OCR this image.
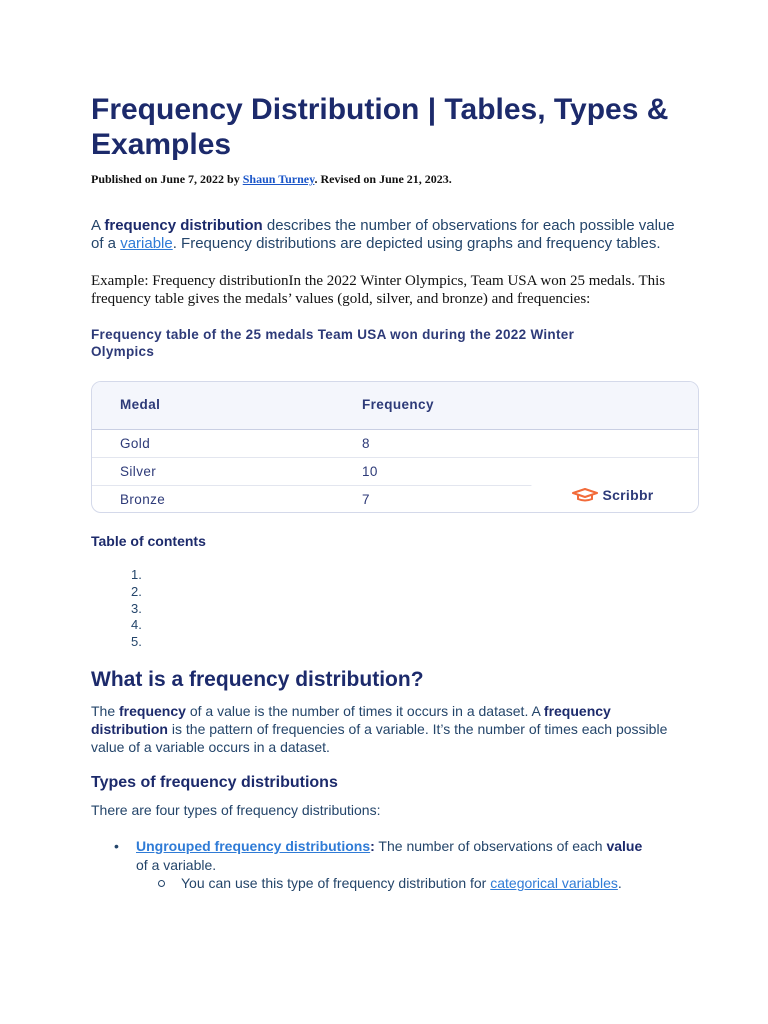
Frequency Distribution | Tables, Types & Examples
Published on June 7, 2022 by Shaun Turney. Revised on June 21, 2023.
A frequency distribution describes the number of observations for each possible value of a variable. Frequency distributions are depicted using graphs and frequency tables.
Example: Frequency distributionIn the 2022 Winter Olympics, Team USA won 25 medals. This frequency table gives the medals’ values (gold, silver, and bronze) and frequencies:
Frequency table of the 25 medals Team USA won during the 2022 Winter Olympics
Medal	Frequency
Gold	8
Silver	10
Bronze	7	Scribbr
Table of contents
1.
2.
3.
4.
5.
What is a frequency distribution?
The frequency of a value is the number of times it occurs in a dataset. A frequency distribution is the pattern of frequencies of a variable. It’s the number of times each possible value of a variable occurs in a dataset.
Types of frequency distributions
There are four types of frequency distributions:
• Ungrouped frequency distributions: The number of observations of each value of a variable.
You can use this type of frequency distribution for categorical variables.
